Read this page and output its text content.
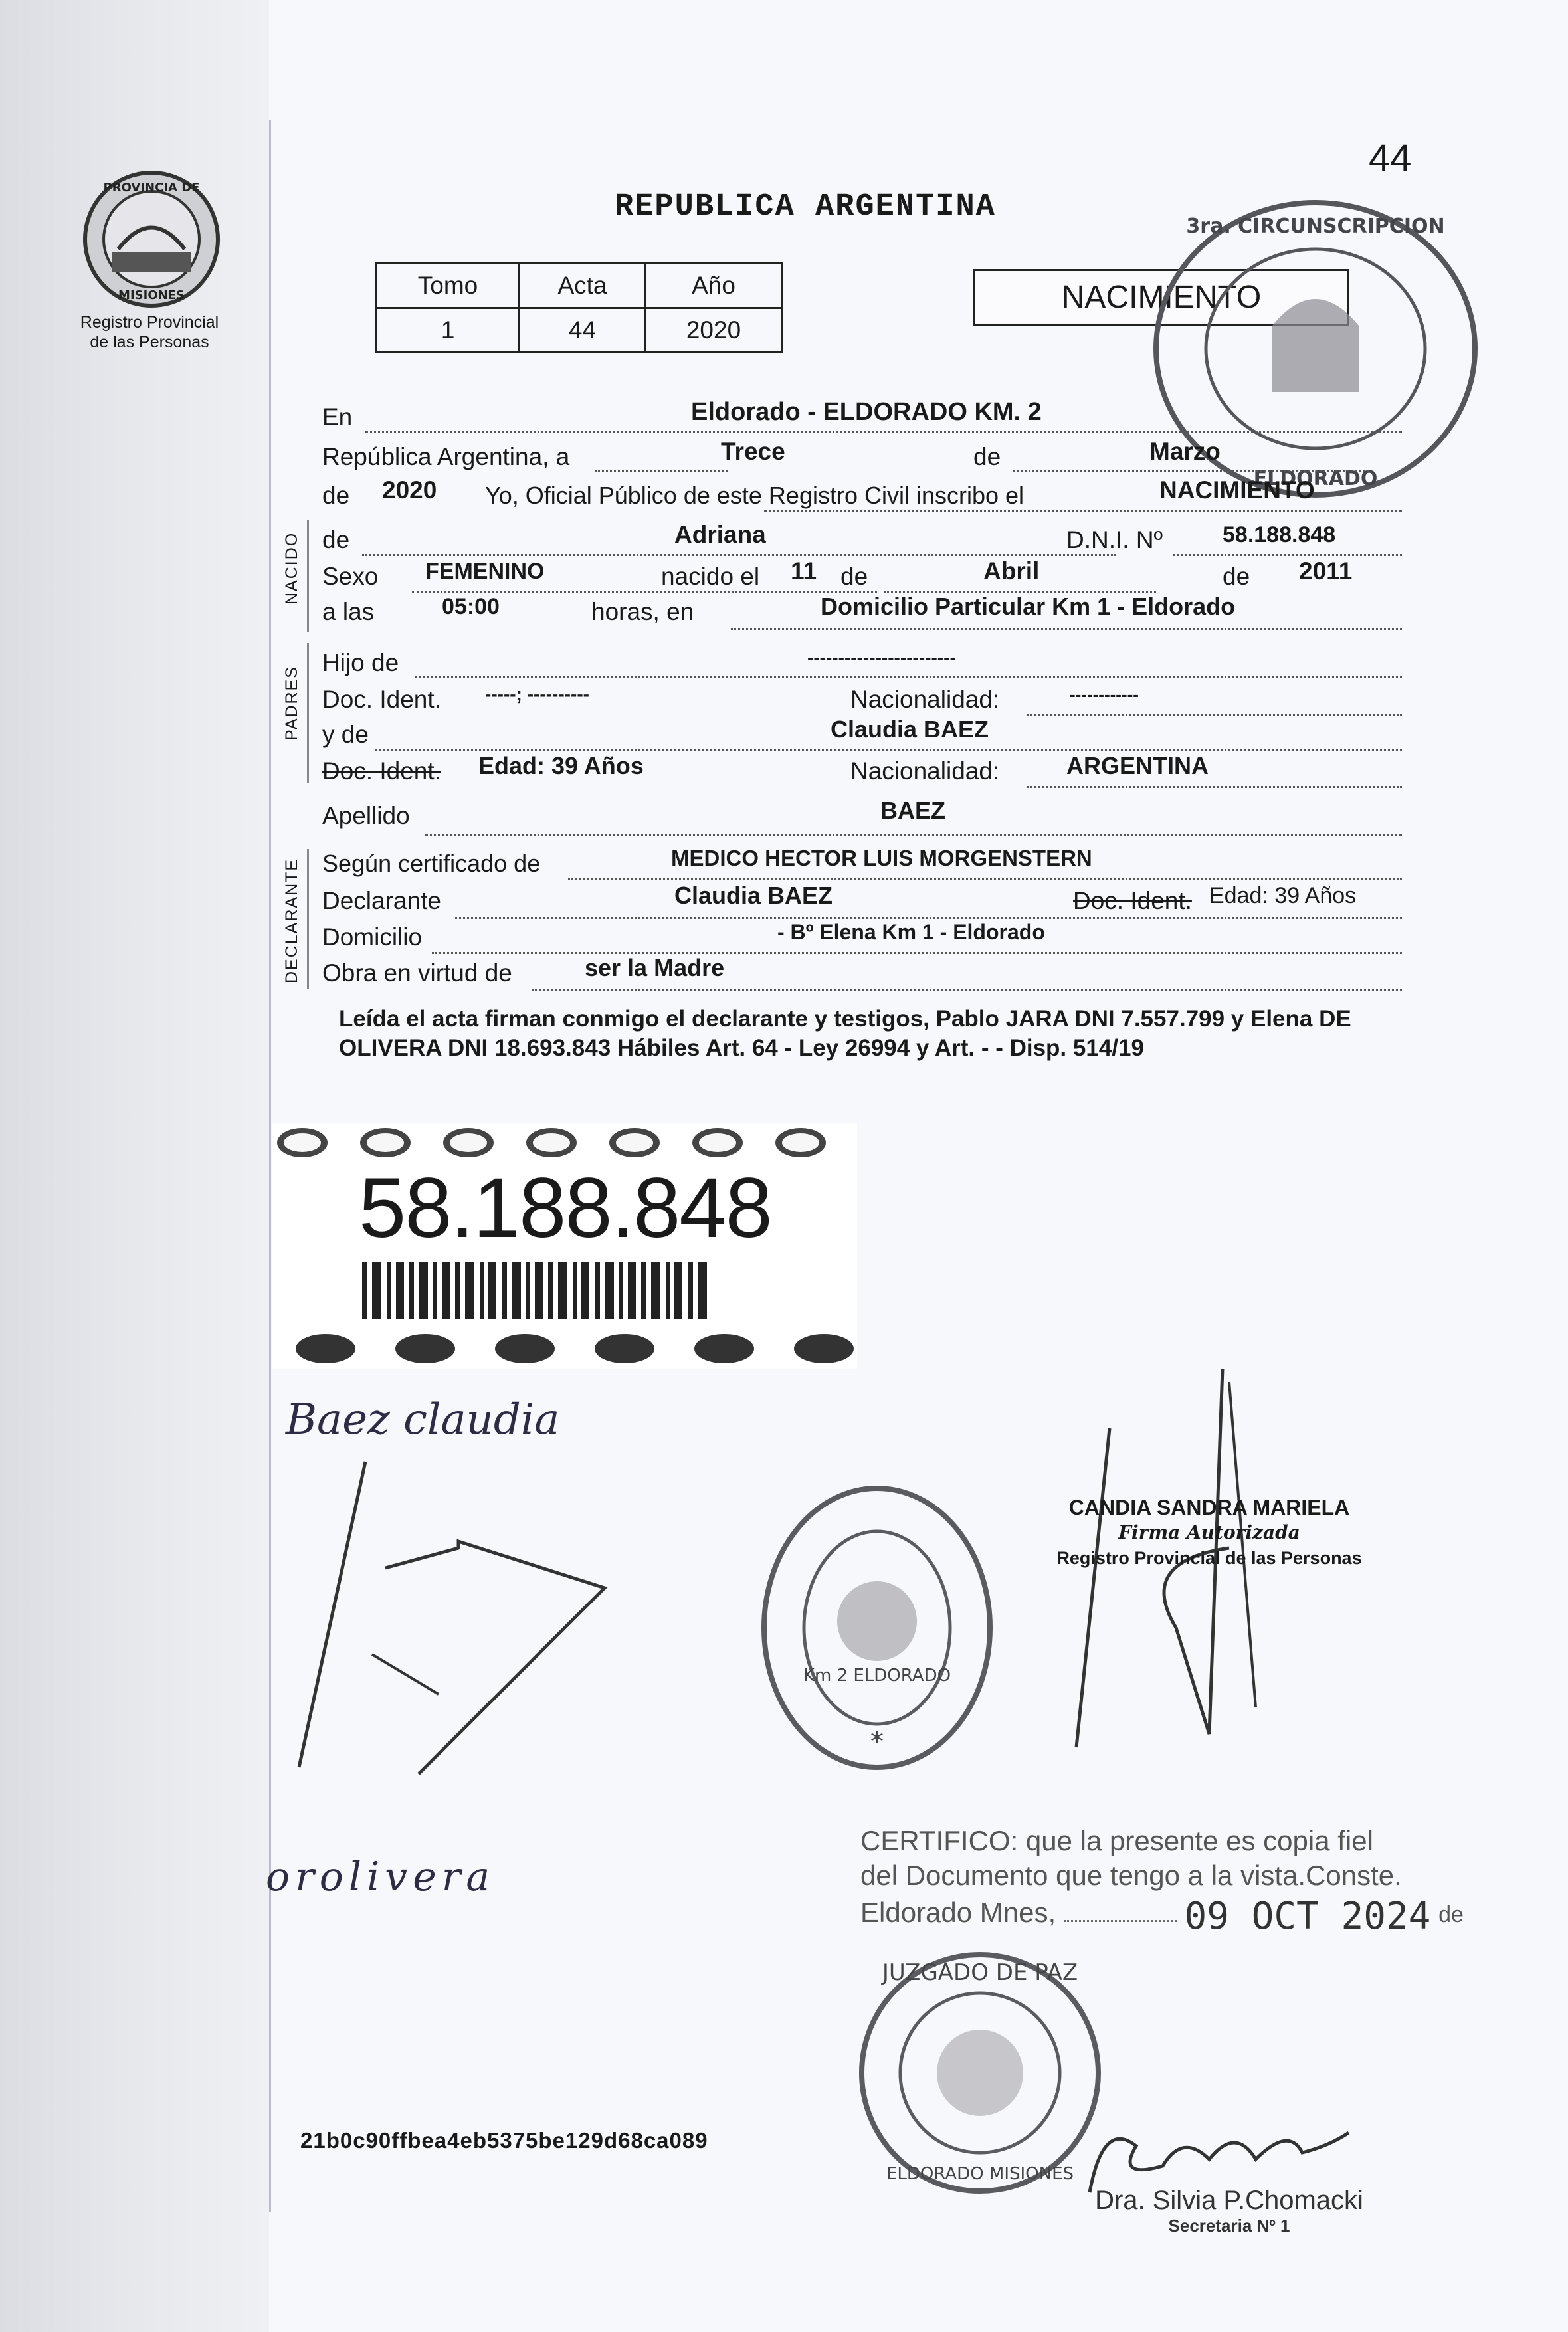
PROVINCIA DE
MISIONES
Registro Provincial
de las Personas
44
REPUBLICA ARGENTINA
Tomo	Acta	Año
1	44	2020
NACIMIENTO
3ra. CIRCUNSCRIPCION
ELDORADO
En	Eldorado - ELDORADO KM. 2
República Argentina, a	Trece	de	Marzo
de 2020 Yo, Oficial Público de este Registro Civil inscribo el	NACIMIENTO
NACIDO de	Adriana	D.N.I. Nº	58.188.848
Sexo FEMENINO	nacido el 11 de	Abril	de 2011
a las	05:00	horas, en	Domicilio Particular Km 1 - Eldorado
PADRES
Hijo de	------------------------
Doc. Ident. -----; ----------	Nacionalidad:	------------
y de	Claudia BAEZ
Doc. Ident. Edad: 39 Años	Nacionalidad:	ARGENTINA
Apellido	BAEZ
DECLARANTE Según certificado de	MEDICO HECTOR LUIS MORGENSTERN
Declarante	Claudia BAEZ	Doc. Ident. Edad: 39 Años
Domicilio	- Bº Elena Km 1 - Eldorado
Obra en virtud de	ser la Madre
Leída el acta firman conmigo el declarante y testigos, Pablo JARA DNI 7.557.799 y Elena DE OLIVERA DNI 18.693.843 Hábiles Art. 64 - Ley 26994 y Art. - - Disp. 514/19
58.188.848
Baez claudia
orolivera
Km 2 ELDORADO
*
CANDIA SANDRA MARIELA
Firma Autorizada
Registro Provincial de las Personas
CERTIFICO: que la presente es copia fiel
del Documento que tengo a la vista.Conste.
Eldorado Mnes,	09 OCT 2024 de
JUZGADO DE PAZ
ELDORADO MISIONES
Dra. Silvia P.Chomacki
Secretaria Nº 1
21b0c90ffbea4eb5375be129d68ca089
